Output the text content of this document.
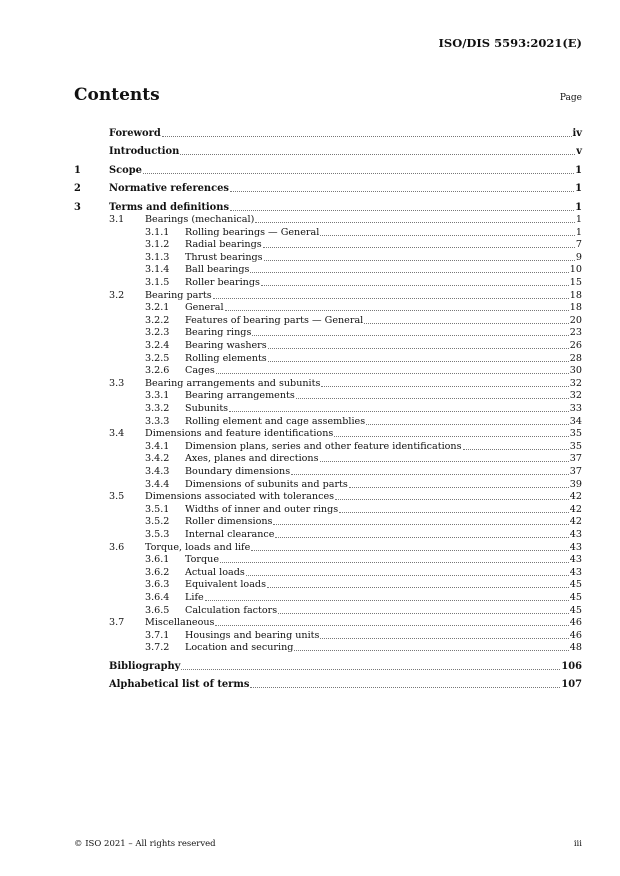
ISO/DIS 5593:2021(E)
Contents	Page
Foreword	iv
Introduction	v
1	Scope	1
2	Normative references	1
3	Terms and definitions	1
3.1	Bearings (mechanical)	1
3.1.1	Rolling bearings — General	1
3.1.2	Radial bearings	7
3.1.3	Thrust bearings	9
3.1.4	Ball bearings	10
3.1.5	Roller bearings	15
3.2	Bearing parts	18
3.2.1	General	18
3.2.2	Features of bearing parts — General	20
3.2.3	Bearing rings	23
3.2.4	Bearing washers	26
3.2.5	Rolling elements	28
3.2.6	Cages	30
3.3	Bearing arrangements and subunits	32
3.3.1	Bearing arrangements	32
3.3.2	Subunits	33
3.3.3	Rolling element and cage assemblies	34
3.4	Dimensions and feature identifications	35
3.4.1	Dimension plans, series and other feature identifications	35
3.4.2	Axes, planes and directions	37
3.4.3	Boundary dimensions	37
3.4.4	Dimensions of subunits and parts	39
3.5	Dimensions associated with tolerances	42
3.5.1	Widths of inner and outer rings	42
3.5.2	Roller dimensions	42
3.5.3	Internal clearance	43
3.6	Torque, loads and life	43
3.6.1	Torque	43
3.6.2	Actual loads	43
3.6.3	Equivalent loads	45
3.6.4	Life	45
3.6.5	Calculation factors	45
3.7	Miscellaneous	46
3.7.1	Housings and bearing units	46
3.7.2	Location and securing	48
Bibliography	106
Alphabetical list of terms	107
© ISO 2021 – All rights reserved	iii
